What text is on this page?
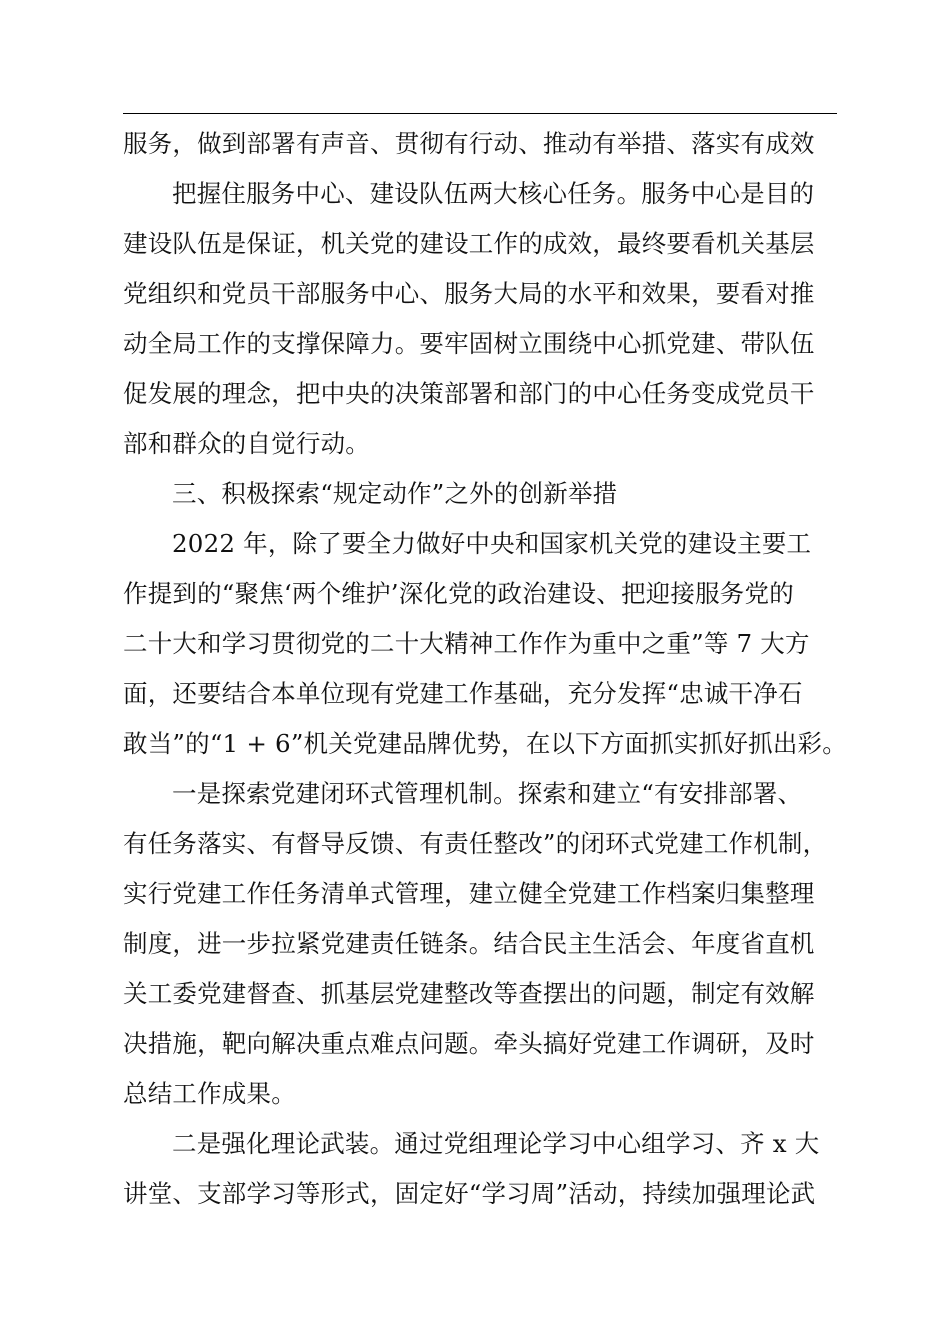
服务，做到部署有声音、贯彻有行动、推动有举措、落实有成效
把握住服务中心、建设队伍两大核心任务。服务中心是目的
建设队伍是保证，机关党的建设工作的成效，最终要看机关基层
党组织和党员干部服务中心、服务大局的水平和效果，要看对推
动全局工作的支撑保障力。要牢固树立围绕中心抓党建、带队伍
促发展的理念，把中央的决策部署和部门的中心任务变成党员干
部和群众的自觉行动。
三、积极探索“规定动作”之外的创新举措
2022 年，除了要全力做好中央和国家机关党的建设主要工
作提到的“聚焦‘两个维护’深化党的政治建设、把迎接服务党的
二十大和学习贯彻党的二十大精神工作作为重中之重”等 7 大方
面，还要结合本单位现有党建工作基础，充分发挥“忠诚干净石
敢当”的“1 + 6”机关党建品牌优势，在以下方面抓实抓好抓出彩。
一是探索党建闭环式管理机制。探索和建立“有安排部署、
有任务落实、有督导反馈、有责任整改”的闭环式党建工作机制，
实行党建工作任务清单式管理，建立健全党建工作档案归集整理
制度，进一步拉紧党建责任链条。结合民主生活会、年度省直机
关工委党建督查、抓基层党建整改等查摆出的问题，制定有效解
决措施，靶向解决重点难点问题。牵头搞好党建工作调研，及时
总结工作成果。
二是强化理论武装。通过党组理论学习中心组学习、齐 x 大
讲堂、支部学习等形式，固定好“学习周”活动，持续加强理论武
